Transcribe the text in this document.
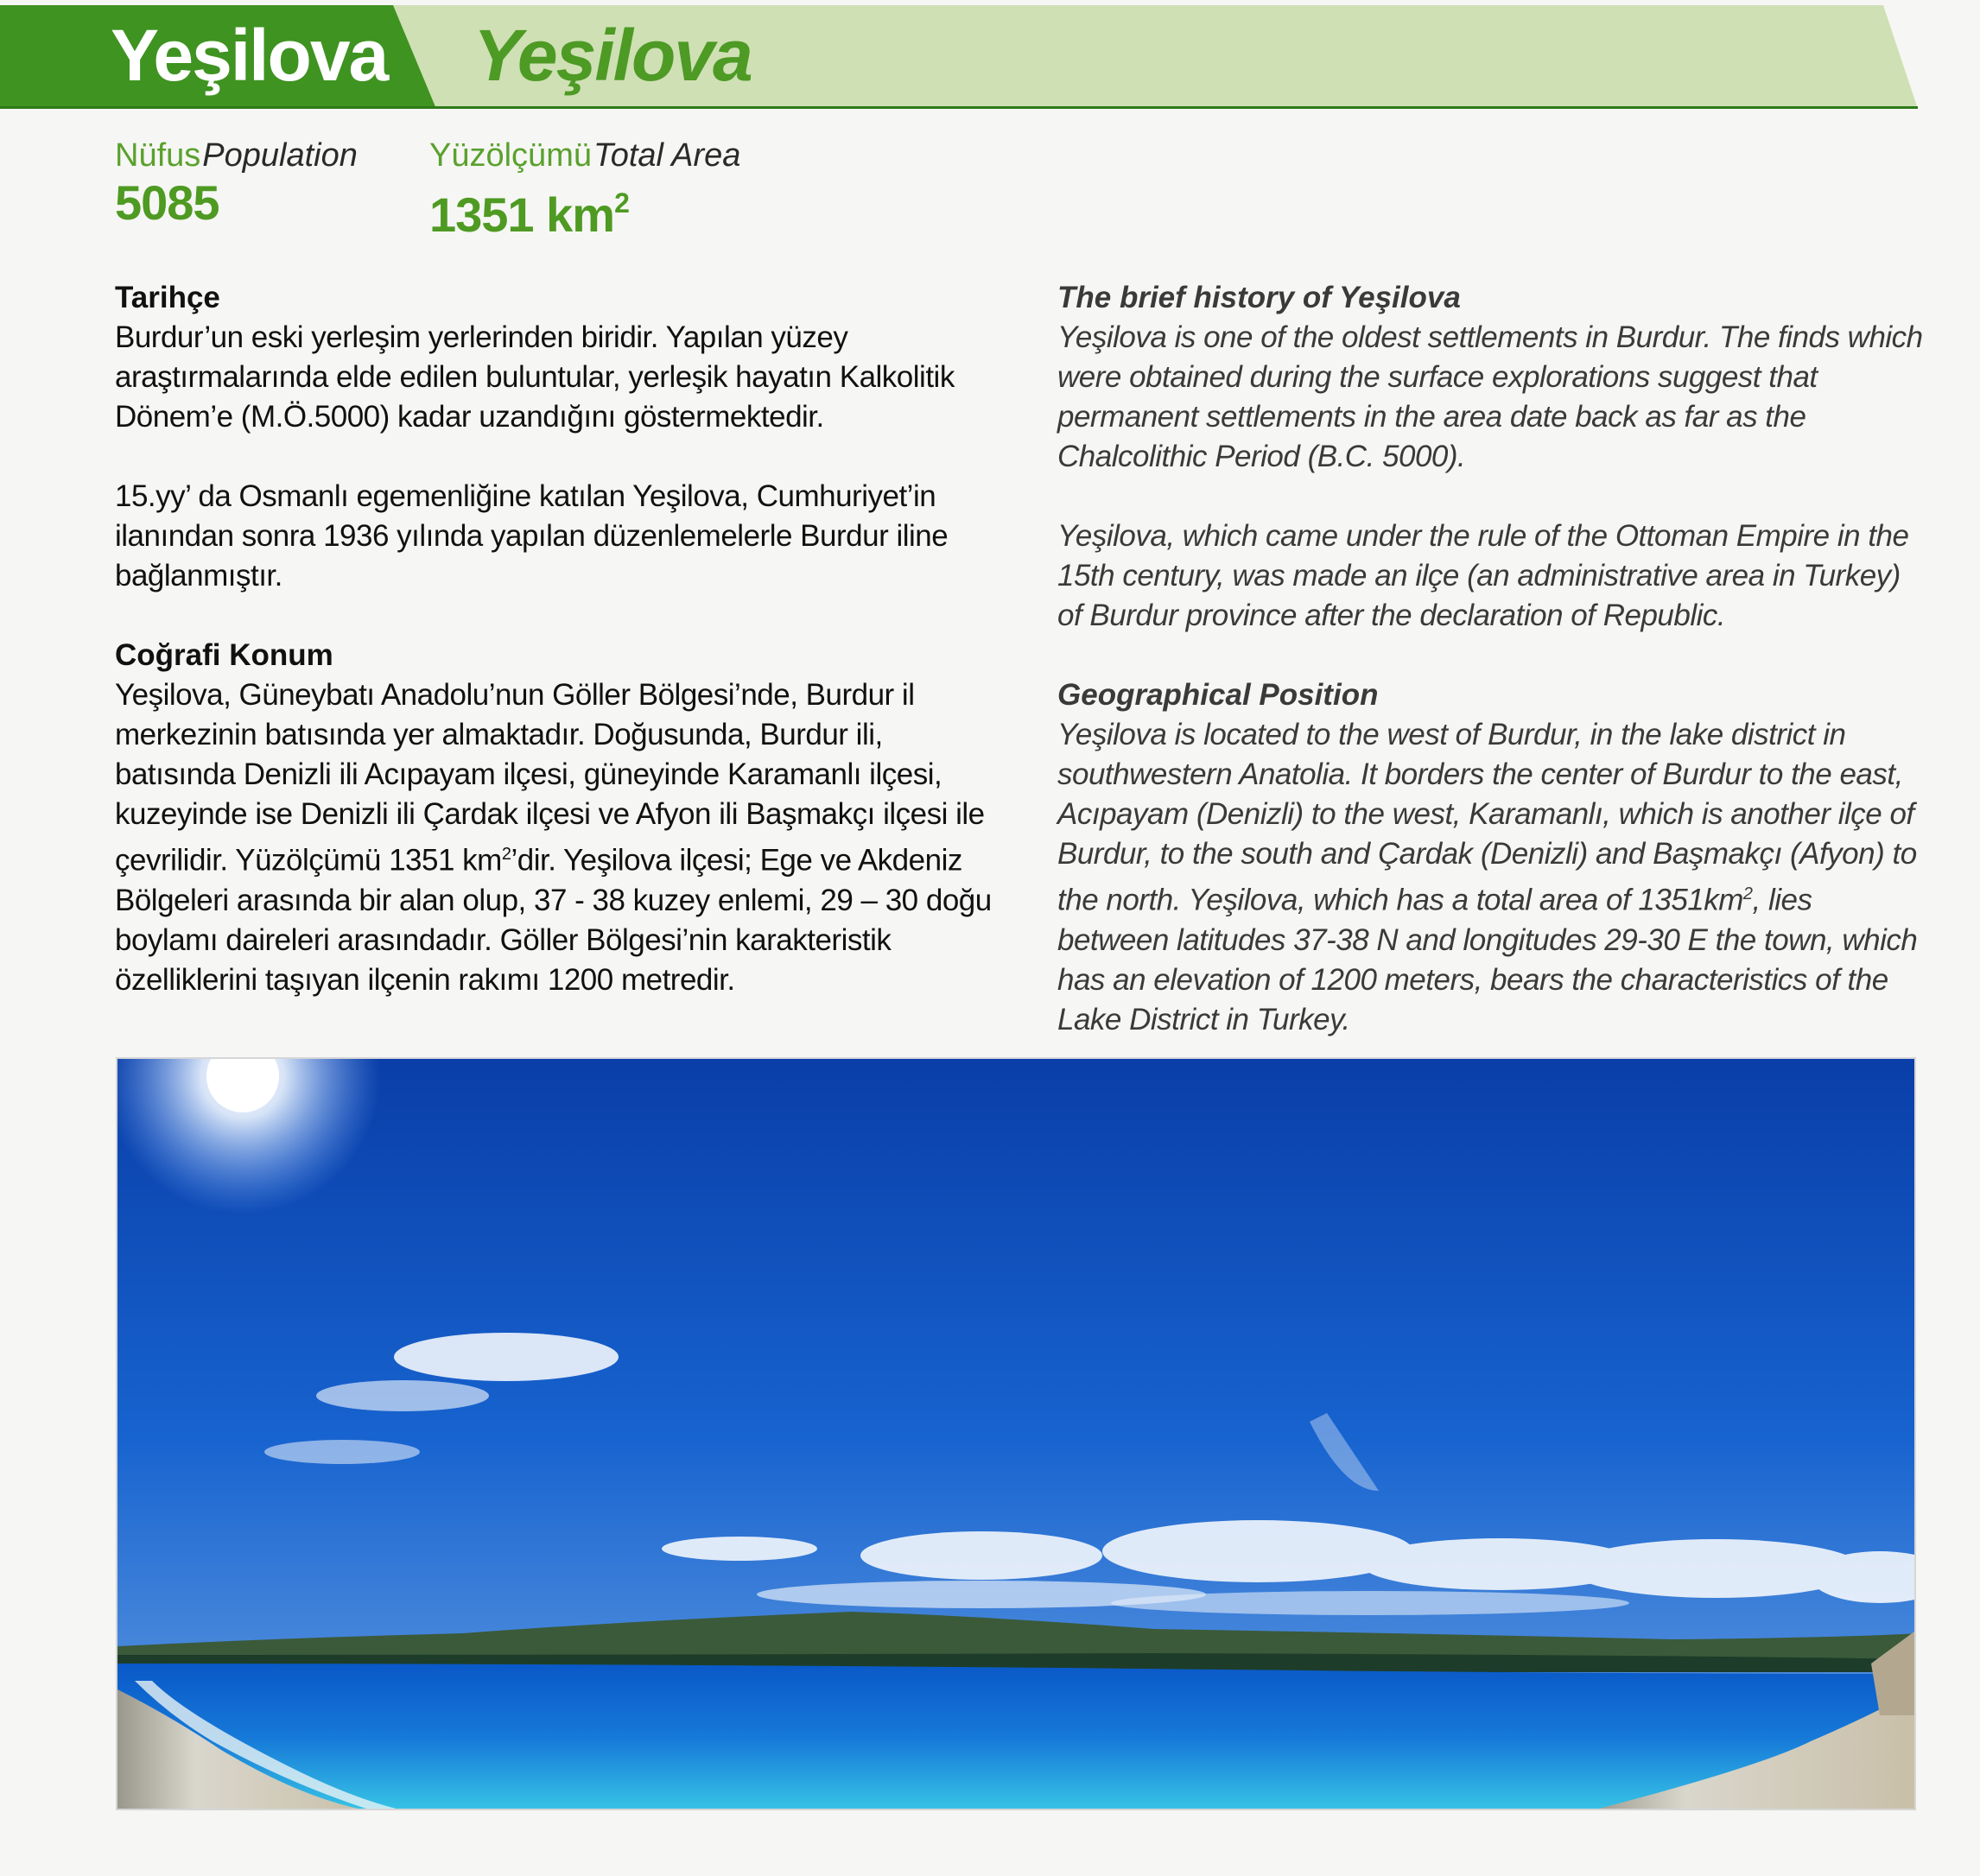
Yeşilova Yeşilova
NüfusPopulation
5085
YüzölçümüTotal Area
1351 $km^2$

Tarihçe

Burdur’un eski yerleşim yerlerinden biridir. Yapılan yüzey araştırmalarında elde edilen buluntular, yerleşik hayatın Kalkolitik Dönem’e (M.Ö.5000) kadar uzandığını göstermektedir.

15.yy’ da Osmanlı egemenliğine katılan Yeşilova, Cumhuriyet’in ilanından sonra 1936 yılında yapılan düzenlemelerle Burdur iline bağlanmıştır.

Coğrafi Konum

Yeşilova, Güneybatı Anadolu’nun Göller Bölgesi’nde, Burdur il merkezinin batısında yer almaktadır. Doğusunda, Burdur ili, batısında Denizli ili Acıpayam ilçesi, güneyinde Karamanlı ilçesi, kuzeyinde ise Denizli ili Çardak ilçesi ve Afyon ili Başmakçı ilçesi ile çevrilidir. Yüzölçümü 1351 $km^2’dir$. Yeşilova ilçesi; Ege ve Akdeniz Bölgeleri arasında bir alan olup, 37 - 38 kuzey enlemi, 29 – 30 doğu boylamı daireleri arasındadır. Göller Bölgesi’nin karakteristik özelliklerini taşıyan ilçenin rakımı 1200 metredir.

The brief history of Yeşilova

Yeşilova is one of the oldest settlements in Burdur. The finds which were obtained during the surface explorations suggest that permanent settlements in the area date back as far as the Chalcolithic Period (B.C. 5000).

Yeşilova, which came under the rule of the Ottoman Empire in the 15th century, was made an ilçe (an administrative area in Turkey) of Burdur province after the declaration of Republic.

Geographical Position

Yeşilova is located to the west of Burdur, in the lake district in southwestern Anatolia. It borders the center of Burdur to the east, Acıpayam (Denizli) to the west, Karamanlı, which is another ilçe of Burdur, to the south and Çardak (Denizli) and Başmakçı (Afyon) to the north. Yeşilova, which has a total area of $1351km^2$, lies between latitudes 37-38 N and longitudes 29-30 E the town, which has an elevation of 1200 meters, bears the characteristics of the Lake District in Turkey.
